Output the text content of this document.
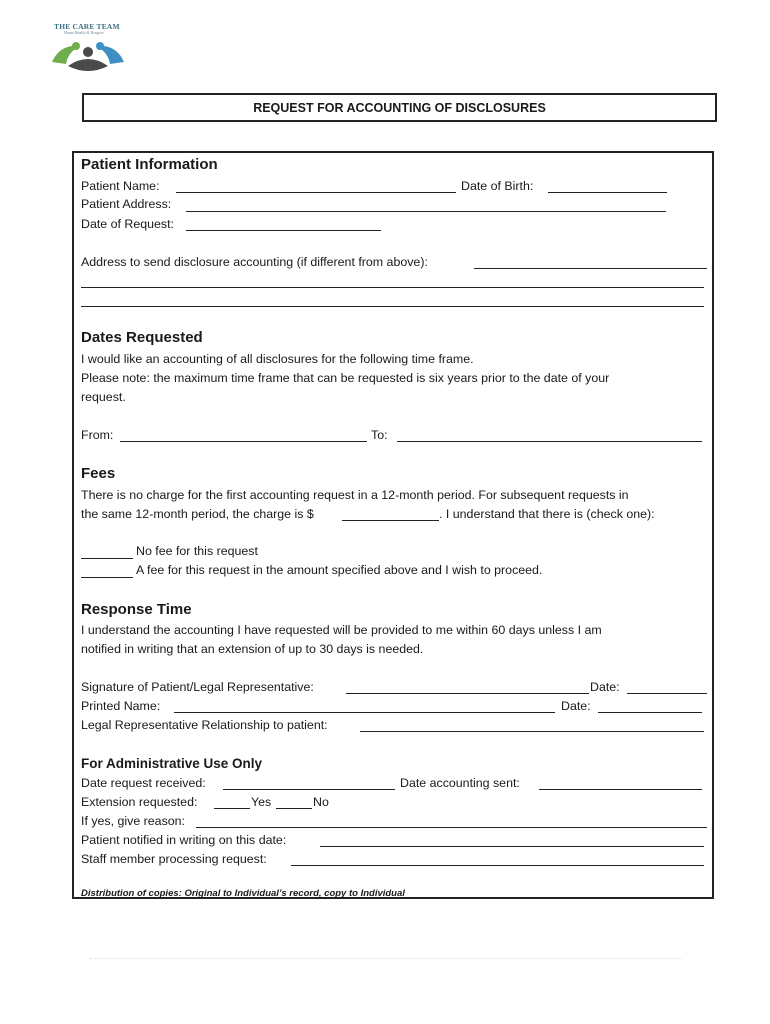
THE CARE TEAM
Home Health & Hospice
REQUEST FOR ACCOUNTING OF DISCLOSURES
Patient Information
Patient Name:	Date of Birth:
Patient Address:
Date of Request:
Address to send disclosure accounting (if different from above):
Dates Requested
I would like an accounting of all disclosures for the following time frame.
Please note: the maximum time frame that can be requested is six years prior to the date of your
request.
From:	To:
Fees
There is no charge for the first accounting request in a 12-month period. For subsequent requests in
the same 12-month period, the charge is $	. I understand that there is (check one):
No fee for this request
A fee for this request in the amount specified above and I wish to proceed.
Response Time
I understand the accounting I have requested will be provided to me within 60 days unless I am
notified in writing that an extension of up to 30 days is needed.
Signature of Patient/Legal Representative:	Date:
Printed Name:	Date:
Legal Representative Relationship to patient:
For Administrative Use Only
Date request received:	Date accounting sent:
Extension requested:	Yes	No
If yes, give reason:
Patient notified in writing on this date:
Staff member processing request:
Distribution of copies: Original to Individual’s record, copy to Individual
